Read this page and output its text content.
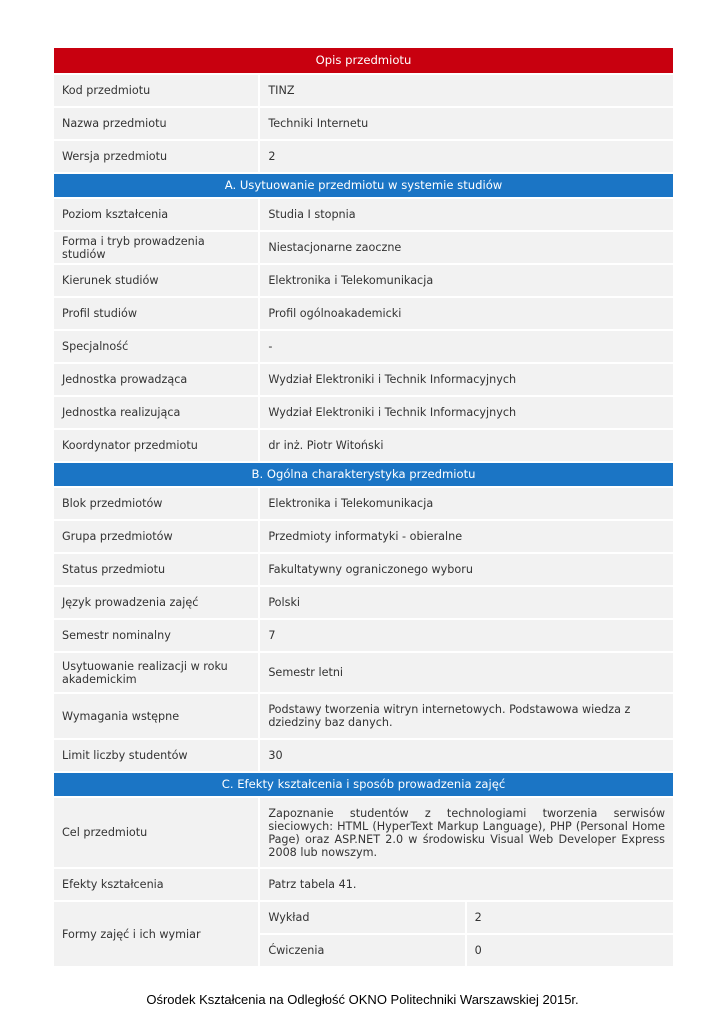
Opis przedmiotu		
Kod przedmiotu	TINZ	
Nazwa przedmiotu	Techniki Internetu	
Wersja przedmiotu	2	
A. Usytuowanie przedmiotu w systemie studiów		
Poziom kształcenia	Studia I stopnia	
Forma i tryb prowadzenia studiów	Niestacjonarne zaoczne	
Kierunek studiów	Elektronika i Telekomunikacja	
Profil studiów	Profil ogólnoakademicki	
Specjalność	-	
Jednostka prowadząca	Wydział Elektroniki i Technik Informacyjnych	
Jednostka realizująca	Wydział Elektroniki i Technik Informacyjnych	
Koordynator przedmiotu	dr inż. Piotr Witoński	
B. Ogólna charakterystyka przedmiotu		
Blok przedmiotów	Elektronika i Telekomunikacja	
Grupa przedmiotów	Przedmioty informatyki - obieralne	
Status przedmiotu	Fakultatywny ograniczonego wyboru	
Język prowadzenia zajęć	Polski	
Semestr nominalny	7	
Usytuowanie realizacji w roku akademickim	Semestr letni	
Wymagania wstępne	Podstawy tworzenia witryn internetowych. Podstawowa wiedza z dziedziny baz danych.	
Limit liczby studentów	30	
C. Efekty kształcenia i sposób prowadzenia zajęć		
Cel przedmiotu	Zapoznanie studentów z technologiami tworzenia serwisów sieciowych: HTML (HyperText Markup Language), PHP (Personal Home Page) oraz ASP.NET 2.0 w środowisku Visual Web Developer Express 2008 lub nowszym.	
Efekty kształcenia	Patrz tabela 41.	
Formy zajęć i ich wymiar	Wykład	2
	Ćwiczenia	0
Ośrodek Kształcenia na Odległość OKNO Politechniki Warszawskiej 2015r.
